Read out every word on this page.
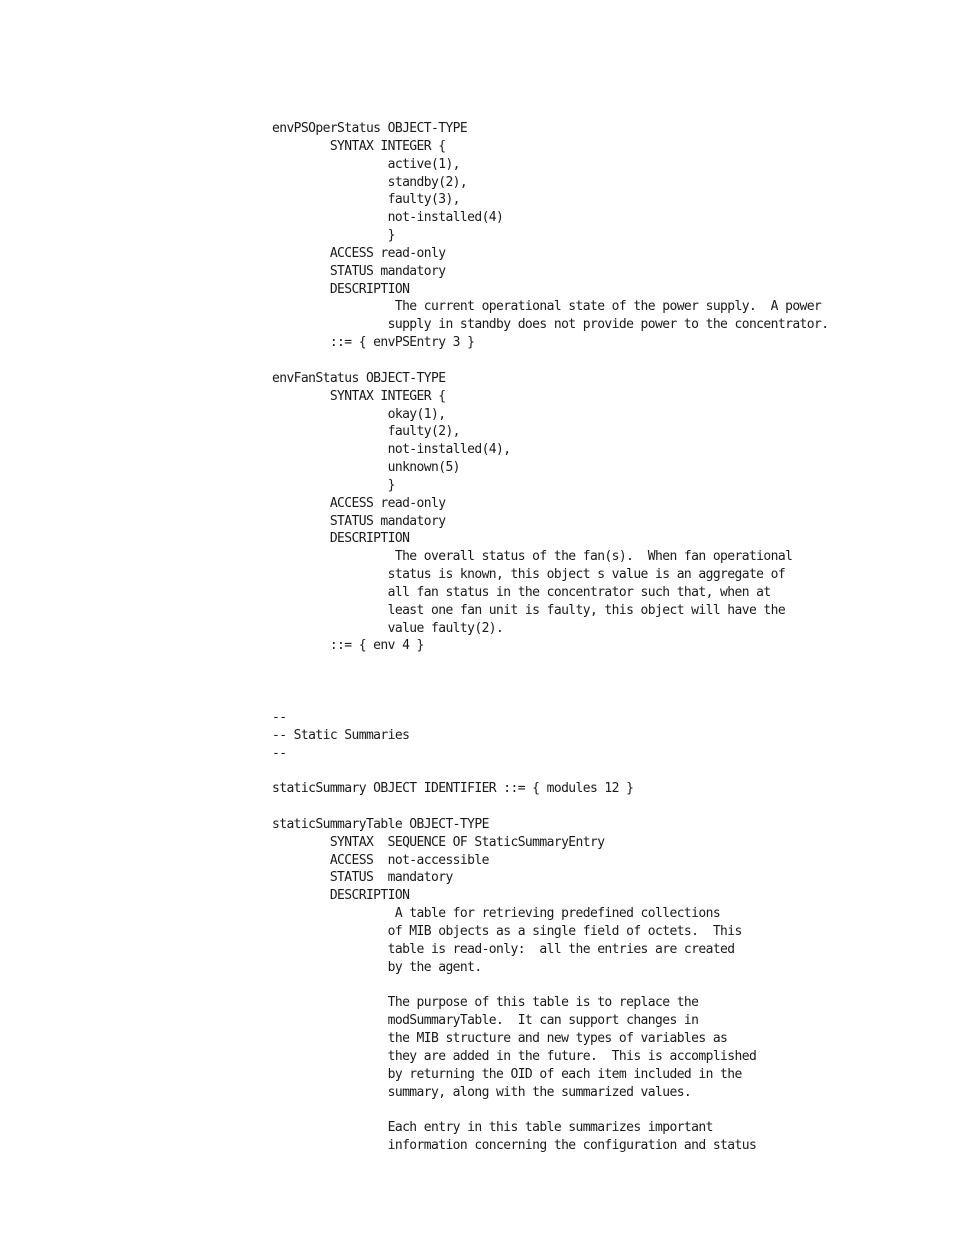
envPSOperStatus OBJECT-TYPE
SYNTAX INTEGER {
active(1),
standby(2),
faulty(3),
not-installed(4)
}
ACCESS read-only
STATUS mandatory
DESCRIPTION
The current operational state of the power supply.  A power
supply in standby does not provide power to the concentrator.
::= { envPSEntry 3 }
envFanStatus OBJECT-TYPE
SYNTAX INTEGER {
okay(1),
faulty(2),
not-installed(4),
unknown(5)
}
ACCESS read-only
STATUS mandatory
DESCRIPTION
The overall status of the fan(s).  When fan operational
status is known, this object s value is an aggregate of
all fan status in the concentrator such that, when at
least one fan unit is faulty, this object will have the
value faulty(2).
::= { env 4 }
--
-- Static Summaries
--
staticSummary OBJECT IDENTIFIER ::= { modules 12 }
staticSummaryTable OBJECT-TYPE
SYNTAX  SEQUENCE OF StaticSummaryEntry
ACCESS  not-accessible
STATUS  mandatory
DESCRIPTION
A table for retrieving predefined collections
of MIB objects as a single field of octets.  This
table is read-only:  all the entries are created
by the agent.
The purpose of this table is to replace the
modSummaryTable.  It can support changes in
the MIB structure and new types of variables as
they are added in the future.  This is accomplished
by returning the OID of each item included in the
summary, along with the summarized values.
Each entry in this table summarizes important
information concerning the configuration and status
